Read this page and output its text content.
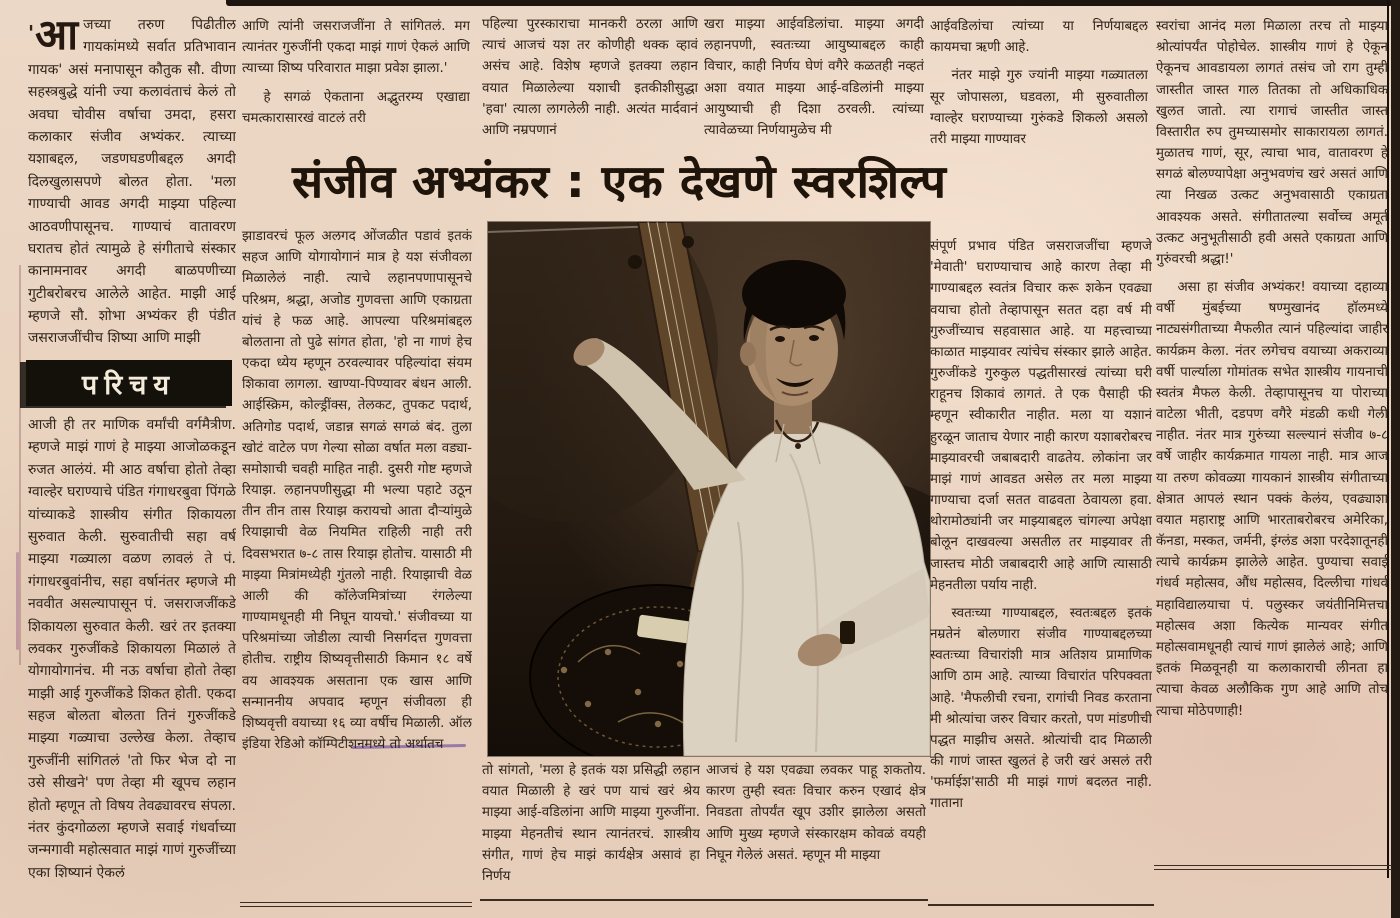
' आ जच्या तरुण पिढीतील गायकांमध्ये सर्वात प्रतिभावान गायक' असं मनापासून कौतुक सौ. वीणा सहस्त्रबुद्धे यांनी ज्या कलावंताचं केलं तो अवघा चोवीस वर्षाचा उमदा, हसरा कलाकार संजीव अभ्यंकर. त्याच्या यशाबद्दल, जडणघडणीबद्दल अगदी दिलखुलासपणे बोलत होता. 'मला गाण्याची आवड अगदी माझ्या पहिल्या आठवणीपासूनच. गाण्याचं वातावरण घरातच होतं त्यामुळे हे संगीताचे संस्कार कानामनावर अगदी बाळपणीच्या गुटीबरोबरच आलेले आहेत. माझी आई म्हणजे सौ. शोभा अभ्यंकर ही पंडीत जसराजजींचीच शिष्या आणि माझी

परिचय

आजी ही तर माणिक वर्मांची वर्गमैत्रीण. म्हणजे माझं गाणं हे माझ्या आजोळकडून रुजत आलंयं. मी आठ वर्षाचा होतो तेव्हा ग्वाल्हेर घराण्याचे पंडित गंगाधरबुवा पिंगळे यांच्याकडे शास्त्रीय संगीत शिकायला सुरुवात केली. सुरुवातीची सहा वर्ष माझ्या गळ्याला वळण लावलं ते पं. गंगाधरबुवांनीच, सहा वर्षानंतर म्हणजे मी नववीत असल्यापासून पं. जसराजजींकडे शिकायला सुरुवात केली. खरं तर इतक्या लवकर गुरुजींकडे शिकायला मिळालं ते योगायोगानंच. मी नऊ वर्षाचा होतो तेव्हा माझी आई गुरुजींकडे शिकत होती. एकदा सहज बोलता बोलता तिनं गुरुजींकडे माझ्या गळ्याचा उल्लेख केला. तेव्हाच गुरुजींनी सांगितलं 'तो फिर भेज दो ना उसे सीखने' पण तेव्हा मी खूपच लहान होतो म्हणून तो विषय तेवढ्यावरच संपला. नंतर कुंदगोळला म्हणजे सवाई गंधर्वाच्या जन्मगावी महोत्सवात माझं गाणं गुरुजींच्या एका शिष्यानं ऐकलं

आणि त्यांनी जसराजजींना ते सांगितलं. मग त्यानंतर गुरुजींनी एकदा माझं गाणं ऐकलं आणि त्याच्या शिष्य परिवारात माझा प्रवेश झाला.'

हे सगळं ऐकताना अद्भुतरम्य एखाद्या चमत्कारासारखं वाटलं तरी

संजीव अभ्यंकर : एक देखणे स्वरशिल्प

झाडावरचं फूल अलगद ओंजळीत पडावं इतकं सहज आणि योगायोगानं मात्र हे यश संजीवला मिळालेलं नाही. त्याचे लहानपणापासूनचे परिश्रम, श्रद्धा, अजोड गुणवत्ता आणि एकाग्रता यांचं हे फळ आहे. आपल्या परिश्रमांबद्दल बोलताना तो पुढे सांगत होता, 'हो ना गाणं हेच एकदा ध्येय म्हणून ठरवल्यावर पहिल्यांदा संयम शिकावा लागला. खाण्या-पिण्यावर बंधन आली. आईस्क्रिम, कोल्ड्रींक्स, तेलकट, तुपकट पदार्थ, अतिगोड पदार्थ, जडान्न सगळं सगळं बंद. तुला खोटं वाटेल पण गेल्या सोळा वर्षात मला वड्या-समोशाची चवही माहित नाही. दुसरी गोष्ट म्हणजे रियाझ. लहानपणीसुद्धा मी भल्या पहाटे उठून तीन तीन तास रियाझ करायचो आता दौऱ्यांमुळे रियाझाची वेळ नियमित राहिली नाही तरी दिवसभरात ७-८ तास रियाझ होतोच. यासाठी मी माझ्या मित्रांमध्येही गुंतलो नाही. रियाझाची वेळ आली की कॉलेजमित्रांच्या रंगलेल्या गाण्यामधूनही मी निघून यायचो.' संजीवच्या या परिश्रमांच्या जोडीला त्याची निसर्गदत्त गुणवत्ता होतीच. राष्ट्रीय शिष्यवृत्तीसाठी किमान १८ वर्षे वय आवश्यक असताना एक खास आणि सन्माननीय अपवाद म्हणून संजीवला ही शिष्यवृत्ती वयाच्या १६ व्या वर्षीच मिळाली. ऑल इंडिया रेडिओ कॉम्पिटीशनमध्ये तो अर्थातच

पहिल्या पुरस्काराचा मानकरी ठरला आणि त्याचं आजचं यश तर कोणीही थक्क व्हावं असंच आहे. विशेष म्हणजे इतक्या लहान वयात मिळालेल्या यशाची इतकीशीसुद्धा 'हवा' त्याला लागलेली नाही. अत्यंत मार्दवानं आणि नम्रपणानं

खरा माझ्या आईवडिलांचा. माझ्या अगदी लहानपणी, स्वतःच्या आयुष्याबद्दल काही विचार, काही निर्णय घेणं वगैरे कळतही नव्हतं अशा वयात माझ्या आई-वडिलांनी माझ्या आयुष्याची ही दिशा ठरवली. त्यांच्या त्यावेळच्या निर्णयामुळेच मी

तो सांगतो, 'मला हे इतकं यश प्रसिद्धी लहान वयात मिळाली हे खरं पण याचं खरं श्रेय माझ्या आई-वडिलांना आणि माझ्या गुरुजींना. माझ्या मेहनतीचं स्थान त्यानंतरचं. शास्त्रीय संगीत, गाणं हेच माझं कार्यक्षेत्र असावं हा निर्णय

आजचं हे यश एवढ्या लवकर पाहू शकतोय. कारण तुम्ही स्वतः विचार करुन एखादं क्षेत्र निवडता तोपर्यंत खूप उशीर झालेला असतो आणि मुख्य म्हणजे संस्कारक्षम कोवळं वयही निघून गेलेलं असतं. म्हणून मी माझ्या

आईवडिलांचा त्यांच्या या निर्णयाबद्दल कायमचा ऋणी आहे.

नंतर माझे गुरु ज्यांनी माझ्या गळ्यातला सूर जोपासला, घडवला, मी सुरुवातीला ग्वाल्हेर घराण्याच्या गुरुंकडे शिकलो असलो तरी माझ्या गाण्यावर

संपूर्ण प्रभाव पंडित जसराजजींचा म्हणजे 'मेवाती' घराण्याचाच आहे कारण तेव्हा मी गाण्याबद्दल स्वतंत्र विचार करू शकेन एवढ्या वयाचा होतो तेव्हापासून सतत दहा वर्ष मी गुरुजींच्याच सहवासात आहे. या महत्त्वाच्या काळात माझ्यावर त्यांचेच संस्कार झाले आहेत. गुरुजींकडे गुरुकुल पद्धतीसारखं त्यांच्या घरी राहूनच शिकावं लागतं. ते एक पैसाही फी म्हणून स्वीकारीत नाहीत. मला या यशानं हुरळून जाताच येणार नाही कारण यशाबरोबरच माझ्यावरची जबाबदारी वाढतेय. लोकांना जर माझं गाणं आवडत असेल तर मला माझ्या गाण्याचा दर्जा सतत वाढवता ठेवायला हवा. थोरामोठ्यांनी जर माझ्याबद्दल चांगल्या अपेक्षा बोलून दाखवल्या असतील तर माझ्यावर ती जास्तच मोठी जबाबदारी आहे आणि त्यासाठी मेहनतीला पर्याय नाही.

स्वतःच्या गाण्याबद्दल, स्वतःबद्दल इतकं नम्रतेनं बोलणारा संजीव गाण्याबद्दलच्या स्वतःच्या विचारांशी मात्र अतिशय प्रामाणिक आणि ठाम आहे. त्याच्या विचारांत परिपक्वता आहे. 'मैफलीची रचना, रागांची निवड करताना मी श्रोत्यांचा जरुर विचार करतो, पण मांडणीची पद्धत माझीच असते. श्रोत्यांची दाद मिळाली की गाणं जास्त खुलतं हे जरी खरं असलं तरी 'फर्माईश'साठी मी माझं गाणं बदलत नाही. गाताना

स्वरांचा आनंद मला मिळाला तरच तो माझ्या श्रोत्यांपर्यंत पोहोचेल. शास्त्रीय गाणं हे ऐकून ऐकूनच आवडायला लागतं तसंच जो राग तुम्ही जास्तीत जास्त गाल तितका तो अधिकाधिक खुलत जातो. त्या रागाचं जास्तीत जास्त विस्तारीत रुप तुमच्यासमोर साकारायला लागतं. मुळातच गाणं, सूर, त्याचा भाव, वातावरण हे सगळं बोलण्यापेक्षा अनुभवणंच खरं असतं आणि त्या निखळ उत्कट अनुभवासाठी एकाग्रता आवश्यक असते. संगीतातल्या सर्वोच्च अमूर्त उत्कट अनुभूतीसाठी हवी असते एकाग्रता आणि गुरुंवरची श्रद्धा!'

असा हा संजीव अभ्यंकर! वयाच्या दहाव्या वर्षी मुंबईच्या षण्मुखानंद हॉलमध्ये नाट्यसंगीताच्या मैफलीत त्यानं पहिल्यांदा जाहीर कार्यक्रम केला. नंतर लगेचच वयाच्या अकराव्या वर्षी पार्ल्याला गोमांतक सभेत शास्त्रीय गायनाची स्वतंत्र मैफल केली. तेव्हापासूनच या पोराच्या वाटेला भीती, दडपण वगैरे मंडळी कधी गेली नाहीत. नंतर मात्र गुरुंच्या सल्ल्यानं संजीव ७-८ वर्षे जाहीर कार्यक्रमात गायला नाही. मात्र आज या तरुण कोवळ्या गायकानं शास्त्रीय संगीताच्या क्षेत्रात आपलं स्थान पक्कं केलंय, एवढ्याशा वयात महाराष्ट्र आणि भारताबरोबरच अमेरिका, कॅनडा, मस्कत, जर्मनी, इंग्लंड अशा परदेशातूनही त्याचे कार्यक्रम झालेले आहेत. पुण्याचा सवाई गंधर्व महोत्सव, औंध महोत्सव, दिल्लीचा गांधर्व महाविद्यालयाचा पं. पलुस्कर जयंतीनिमित्तचा महोत्सव अशा कित्येक मान्यवर संगीत महोत्सवामधूनही त्याचं गाणं झालेलं आहे; आणि इतकं मिळवूनही या कलाकाराची लीनता हा त्याचा केवळ अलौकिक गुण आहे आणि तोच त्याचा मोठेपणाही!
